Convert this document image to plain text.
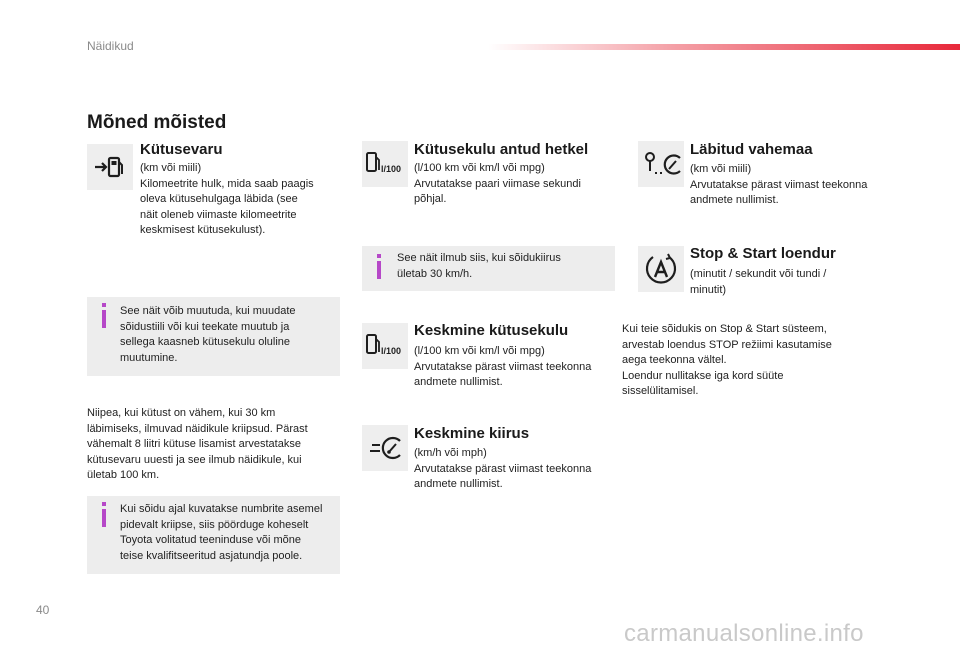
Näidikud
Mõned mõisted
Kütusevaru
(km või miili)
Kilomeetrite hulk, mida saab paagis
oleva kütusehulgaga läbida (see
näit oleneb viimaste kilomeetrite
keskmisest kütusekulust).
See näit võib muutuda, kui muudate
sõidustiili või kui teekate muutub ja
sellega kaasneb kütusekulu oluline
muutumine.
Niipea, kui kütust on vähem, kui 30 km
läbimiseks, ilmuvad näidikule kriipsud. Pärast
vähemalt 8 liitri kütuse lisamist arvestatakse
kütusevaru uuesti ja see ilmub näidikule, kui
ületab 100 km.
Kui sõidu ajal kuvatakse numbrite asemel
pidevalt kriipse, siis pöörduge koheselt
Toyota volitatud teeninduse või mõne
teise kvalifitseeritud asjatundja poole.
l/100
Kütusekulu antud hetkel
(l/100 km või km/l või mpg)
Arvutatakse paari viimase sekundi
põhjal.
See näit ilmub siis, kui sõidukiirus
ületab 30 km/h.
l/100
Keskmine kütusekulu
(l/100 km või km/l või mpg)
Arvutatakse pärast viimast teekonna
andmete nullimist.
Keskmine kiirus
(km/h või mph)
Arvutatakse pärast viimast teekonna
andmete nullimist.
Läbitud vahemaa
(km või miili)
Arvutatakse pärast viimast teekonna
andmete nullimist.
Stop & Start loendur
(minutit / sekundit või tundi /
minutit)
Kui teie sõidukis on Stop & Start süsteem,
arvestab loendus STOP režiimi kasutamise
aega teekonna vältel.
Loendur nullitakse iga kord süüte
sisselülitamisel.
40
carmanualsonline.info
